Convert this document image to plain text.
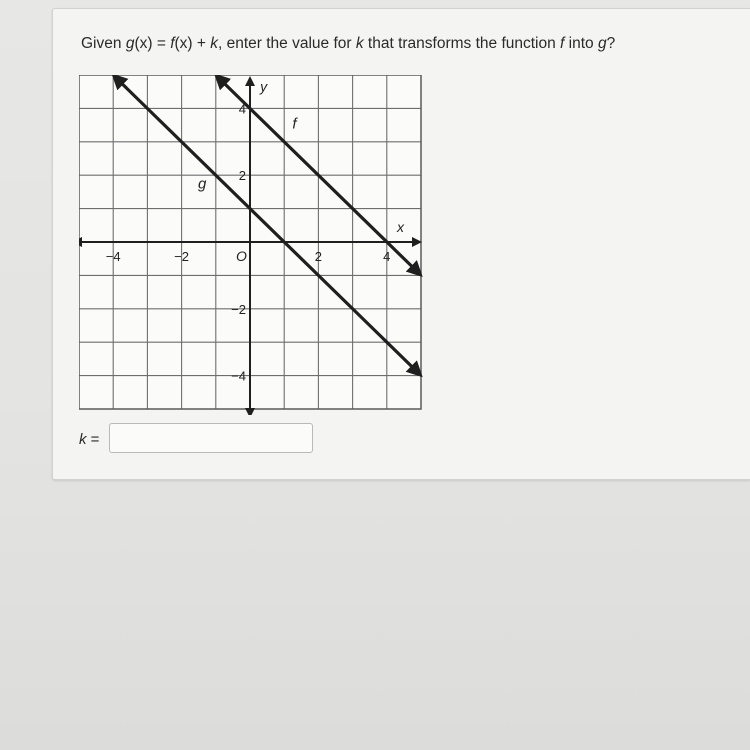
Given g(x) = f(x) + k, enter the value for k that transforms the function f into g?

−4	−2	2	4
4
2
−2
−4
x
y
O
f
g
k =
